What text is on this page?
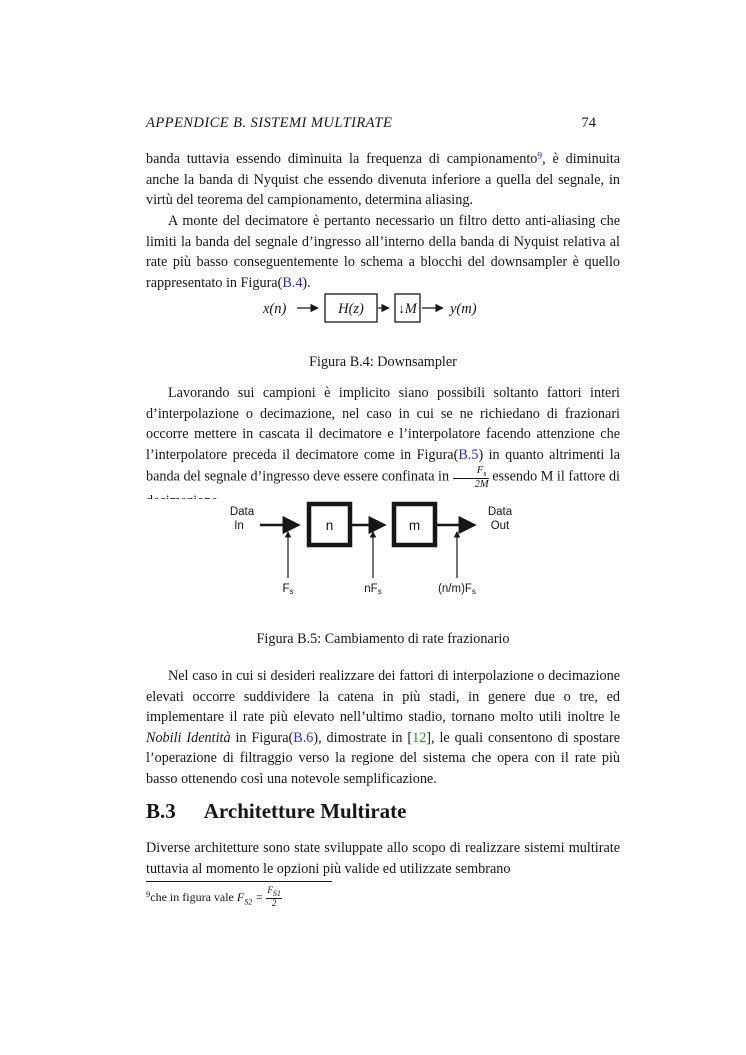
APPENDICE B. SISTEMI MULTIRATE	74

banda tuttavia essendo diminuita la frequenza di campionamento$^9$, è diminuita anche la banda di Nyquist che essendo divenuta inferiore a quella del segnale, in virtù del teorema del campionamento, determina aliasing.

A monte del decimatore è pertanto necessario un filtro detto anti-aliasing che limiti la banda del segnale d’ingresso all’interno della banda di Nyquist relativa al rate più basso conseguentemente lo schema a blocchi del downsampler è quello rappresentato in Figura(B.4).

x(n)	H(z)	↓M y(m)
Figura B.4: Downsampler

Lavorando sui campioni è implicito siano possibili soltanto fattori interi d’interpolazione o decimazione, nel caso in cui se ne richiedano di frazionari occorre mettere in cascata il decimatore e l’interpolatore facendo attenzione che l’interpolatore preceda il decimatore come in Figura(B.5) in quanto altrimenti la banda del segnale d’ingresso deve essere confinata in $\frac{F_s}{2M}$ essendo M il fattore di decimazione.

Data
In	n	m
Data
Out
Fs	nFs	(n/m)Fs
Figura B.5: Cambiamento di rate frazionario

Nel caso in cui si desideri realizzare dei fattori di interpolazione o decimazione elevati occorre suddividere la catena in più stadi, in genere due o tre, ed implementare il rate più elevato nell’ultimo stadio, tornano molto utili inoltre le Nobili Identità in Figura(B.6), dimostrate in [12], le quali consentono di spostare l’operazione di filtraggio verso la regione del sistema che opera con il rate più basso ottenendo così una notevole semplificazione.

B.3 Architetture Multirate

Diverse architetture sono state sviluppate allo scopo di realizzare sistemi multirate tuttavia al momento le opzioni più valide ed utilizzate sembrano

$^9$che in figura vale $F_{S2} = \frac{F_{S1}}{2}$
